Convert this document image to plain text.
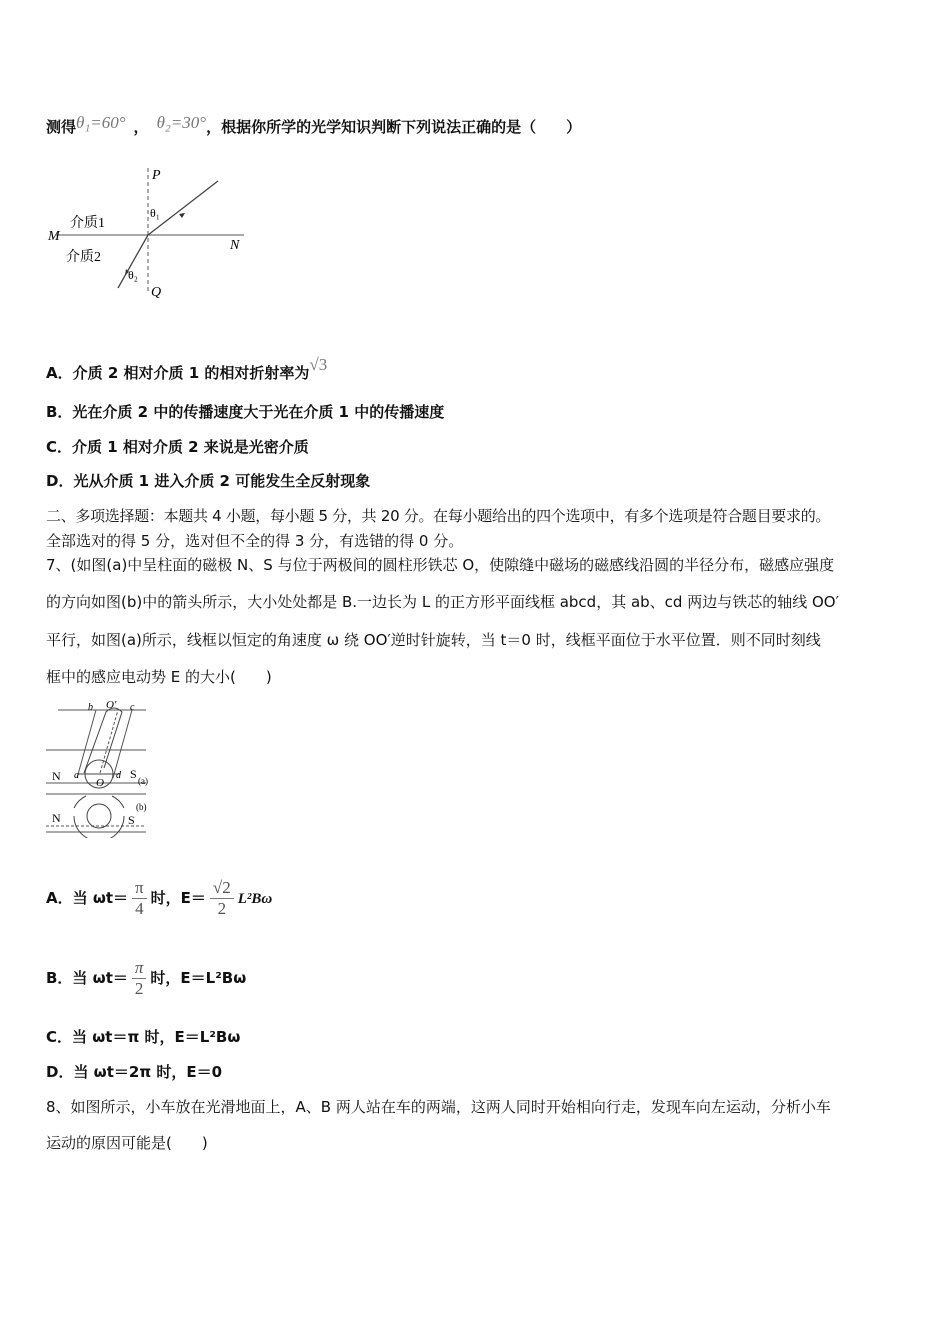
测得θ₁=60° ， θ₂=30°，根据你所学的光学知识判断下列说法正确的是（　　）
P
θ₁
介质1
M
N
介质2
θ₂
Q
A．介质 2 相对介质 1 的相对折射率为√3
B．光在介质 2 中的传播速度大于光在介质 1 中的传播速度
C．介质 1 相对介质 2 来说是光密介质
D．光从介质 1 进入介质 2 可能发生全反射现象
二、多项选择题：本题共 4 小题，每小题 5 分，共 20 分。在每小题给出的四个选项中，有多个选项是符合题目要求的。
全部选对的得 5 分，选对但不全的得 3 分，有选错的得 0 分。
7、(如图(a)中呈柱面的磁极 N、S 与位于两极间的圆柱形铁芯 O，使隙缝中磁场的磁感线沿圆的半径分布，磁感应强度
的方向如图(b)中的箭头所示，大小处处都是 B.一边长为 L 的正方形平面线框 abcd，其 ab、cd 两边与铁芯的轴线 OO′
平行，如图(a)所示，线框以恒定的角速度 ω 绕 OO′逆时针旋转，当 t＝0 时，线框平面位于水平位置．则不同时刻线
框中的感应电动势 E 的大小(　　)
N	S (a)
N	S
(b)
b O′ c
a
O
d
A．当 $\omega t= \frac{\pi}{4}$ 时，$E= \frac{√2}{2} L^2B\omega$
B．当 $\omega t= \frac{\pi}{2}$ 时，E＝L²Bω
C．当 ωt＝π 时，E＝L²Bω
D．当 ωt＝2π 时，E＝0
8、如图所示，小车放在光滑地面上，A、B 两人站在车的两端，这两人同时开始相向行走，发现车向左运动，分析小车
运动的原因可能是(　　)
